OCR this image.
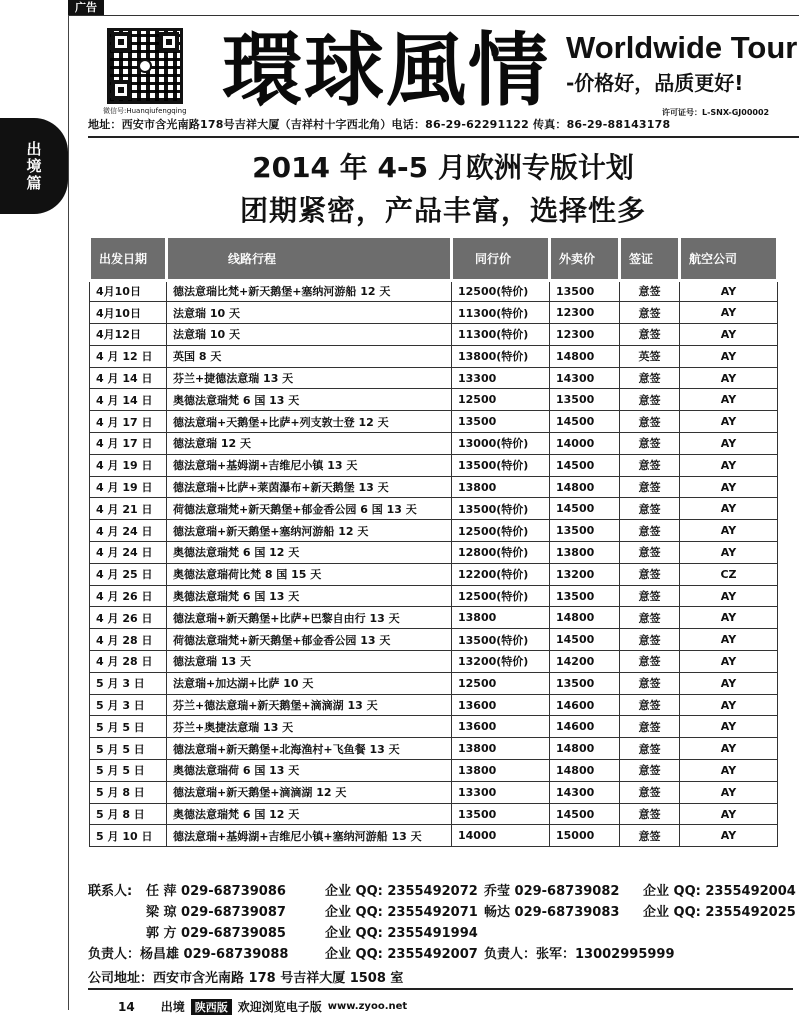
广告
出
境
篇
微信号:Huanqiufengqing 環球風情 Worldwide Tour
-价格好，品质更好!
许可证号：L-SNX-GJ00002
地址：西安市含光南路178号吉祥大厦（吉祥村十字西北角）电话：86-29-62291122 传真：86-29-88143178
2014 年 4-5 月欧洲专版计划
团期紧密，产品丰富，选择性多
出发日期	线路行程	同行价	外卖价	签证	航空公司
4月10日	德法意瑞比梵+新天鹅堡+塞纳河游船 12 天	12500(特价)	13500	意签	AY
4月10日	法意瑞 10 天	11300(特价)	12300	意签	AY
4月12日	法意瑞 10 天	11300(特价)	12300	意签	AY
4 月 12 日	英国 8 天	13800(特价)	14800	英签	AY
4 月 14 日	芬兰+捷德法意瑞 13 天	13300	14300	意签	AY
4 月 14 日	奥德法意瑞梵 6 国 13 天	12500	13500	意签	AY
4 月 17 日	德法意瑞+天鹅堡+比萨+列支敦士登 12 天	13500	14500	意签	AY
4 月 17 日	德法意瑞 12 天	13000(特价)	14000	意签	AY
4 月 19 日	德法意瑞+基姆湖+吉维尼小镇 13 天	13500(特价)	14500	意签	AY
4 月 19 日	德法意瑞+比萨+莱茵瀑布+新天鹅堡 13 天	13800	14800	意签	AY
4 月 21 日	荷德法意瑞梵+新天鹅堡+郁金香公园 6 国 13 天	13500(特价)	14500	意签	AY
4 月 24 日	德法意瑞+新天鹅堡+塞纳河游船 12 天	12500(特价)	13500	意签	AY
4 月 24 日	奥德法意瑞梵 6 国 12 天	12800(特价)	13800	意签	AY
4 月 25 日	奥德法意瑞荷比梵 8 国 15 天	12200(特价)	13200	意签	CZ
4 月 26 日	奥德法意瑞梵 6 国 13 天	12500(特价)	13500	意签	AY
4 月 26 日	德法意瑞+新天鹅堡+比萨+巴黎自由行 13 天	13800	14800	意签	AY
4 月 28 日	荷德法意瑞梵+新天鹅堡+郁金香公园 13 天	13500(特价)	14500	意签	AY
4 月 28 日	德法意瑞 13 天	13200(特价)	14200	意签	AY
5 月 3 日	法意瑞+加达湖+比萨 10 天	12500	13500	意签	AY
5 月 3 日	芬兰+德法意瑞+新天鹅堡+滴滴湖 13 天	13600	14600	意签	AY
5 月 5 日	芬兰+奥捷法意瑞 13 天	13600	14600	意签	AY
5 月 5 日	德法意瑞+新天鹅堡+北海渔村+飞鱼餐 13 天	13800	14800	意签	AY
5 月 5 日	奥德法意瑞荷 6 国 13 天	13800	14800	意签	AY
5 月 8 日	德法意瑞+新天鹅堡+滴滴湖 12 天	13300	14300	意签	AY
5 月 8 日	奥德法意瑞梵 6 国 12 天	13500	14500	意签	AY
5 月 10 日	德法意瑞+基姆湖+吉维尼小镇+塞纳河游船 13 天	14000	15000	意签	AY
联系人: 任 萍 029-68739086	企业 QQ: 2355492072 乔莹 029-68739082 企业 QQ: 2355492004
梁 琼 029-68739087	企业 QQ: 2355492071 畅达 029-68739083 企业 QQ: 2355492025
郭 方 029-68739085	企业 QQ: 2355491994
负责人：杨昌雄 029-68739088	企业 QQ: 2355492007 负责人：张军：13002995999
公司地址：西安市含光南路 178 号吉祥大厦 1508 室
14 出境 陕西版 欢迎浏览电子版 www.zyoo.net
